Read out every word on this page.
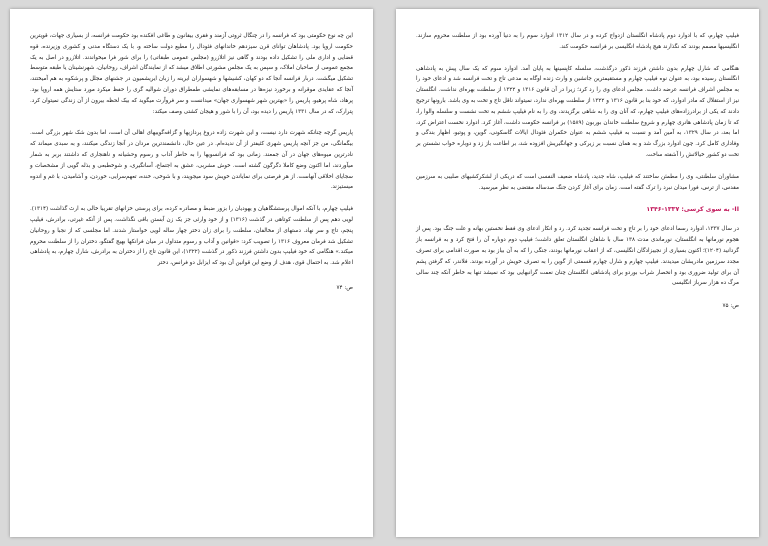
این چه نوع حکومتی بود که فرانسه را در چنگال ثروتی آزمند و فقری بیقانون و طاغی افکنده بود حکومت فرانسه، از بسیاری جهات، قویترین حکومت اروپا بود. پادشاهان توانای قرن سیزدهم خاندانهای فئودال را مطیع دولت ساخته و، با یک دستگاه مدنی و کشوری وزیرنده، قوه قضایی و اداری ملی را تشکیل داده بودند و گاهی نیز اتلازرو (مجلس عمومی طبقاتی) را برای شور فرا میخواندند. اتلازرو در اصل به یک مجمع عمومی از صاحبان املاک، و سپس به یک مجلس مشورتی اطلاق میشد که از نمایندگان اشراف، روحانیان، شهرنشینان یا طبقه متوسط تشکیل میگشت. دربار فرانسه آنجا که دو کهان، کشیشها و شهسواران ایرینه را زبان ایریشمیون در جشنهای مجلل و پرشکوه به هم آمیختند، آنجا که عقایدی موقرانه و برخورد نیزه‌ها در مسابقه‌های نمایشی طمطراق دوران شوالیه گری را حفظ میکرد مورد ستایش همه اروپا بود. پرهاد، شاه پرهیو، پاریس را «بهترین شهر شهسواری جهان» میدانست و سر فروآرت میگوید که بیک لحظه بیرون از آن زندگی نمیتوان کرد. پترارک، که در سال ۱۳۳۱ پاریس را دیده بود، آن را با شور و هیجان کشتی وصف میکند:

پاریس گرچه چنانکه شهرت دارد نیست، و این شهرت زاده دروغ پردازیها و گزافه‌گوییهای اهالی آن است، اما بدون شک شهر بزرگی است. بیگمانگی، من جز آنچه پاریس شهری کثیفتر از آن ندیده‌ام. در عین حال، دانشمندترین مردان در آنجا زندگی میکنند، و به سبدی میماند که نادرترین میوه‌های جهان در آن جمعند. زمانی بود که فرانسویها را به خاطر آداب و رسوم وحشیانه و ناهنجاری که داشتند بربر به شمار میآوردند، اما اکنون وضع کاملا دگرگون گشته است. خوش مشربی، عشق به اجتماع، آسانگیری، و شوخطبعی و بذله گویی از مشخصات و سجایای اخلاقی آنهاست. از هر فرصتی برای نمایاندن خویش سود میجویند، و با شوخی، خنده، تعهم‌سرایی، خوردن، و آشامیدن، با غم و اندوه میستیزند.

فیلیپ چهارم، با آنکه اموال پرستشگاهیان و یهودیان را بزور ضبط و مصادره کرده، برای پرستی خزانهای تقریبا خالی به ارث گذاشت (۱۳۱۴). لویی دهم پس از سلطنت کوتاهی در گذشت (۱۳۱۶) و از خود وارثی جز یک زن آبستن باقی نگذاشت. پس از آنکه غیرتی، برادرش، فیلیپ پنجم، تاج و سر نهاد. دستهای از مخالفان، سلطنت را برای زان دختر چهار ساله لویی خواستار شدند. اما مجلسی که از نجبا و روحانیان تشکیل شد فرمان معروف ۱۳۱۶ را تصویب کرد: «قوانین و آداب و رسوم متداول در میان فرانکها بهیچ گفتگو، دختران را از سلطنت محروم میکند.» هنگامی که خود فیلیپ بدون داشتن فرزند ذکور در گذشت (۱۳۲۲)، این قانون تاج را از دختران به برادرش، شارل چهارم، به پادشاهی اعلام شد. به احتمال قوی، هدف از وضع این قوانین آن بود که ایزابل دو فرانس، دختر

ص: ۷۴

فیلیپ چهارم، که با ادوارد دوم پادشاه انگلستان ازدواج کرده و در سال ۱۳۱۲ ادوارد سوم را به دنیا آورده بود از سلطنت محروم سازند. انگلیسیها مصمم بودند که نگذارند هیچ پادشاه انگلیسی بر فرانسه حکومت کند.

هنگامی که شارل چهارم بدون داشتن فرزند ذکور درگذشت، سلسله کاپسینها به پایان آمد. ادوارد سوم که یک سال پیش به پادشاهی انگلستان رسیده بود، به عنوان نوه فیلیپ چهارم و مستقیمترین جانشین و وارث زنده اوگاه به مدعی تاج و تخت فرانسه شد و ادعای خود را به مجلس اشراف فرانسه عرضه داشت. مجلس ادعای وی را رد کرد؛ زیرا در آن قانون ۱۳۱۶ و ۱۳۲۲ از سلطنت بهره‌ای نداشت. انگلستان نیز از استقلال که مادر ادوارد، که خود بنا بر قانون ۱۳۱۶ و ۱۳۲۲ از سلطنت بهره‌ای ندارد، نمیتواند ناقل تاج و تخت به وی باشد. بارونها ترجیح دادند که یکی از برادرزاده‌های فیلیپ چهارم، که آنان وی را به شاهی برگزیدند، وی را به نام فیلیپ ششم به تخت نشست و سلسله والوا را، که تا زمان پادشاهی هانری چهارم و شروع سلطنت خاندان بوربون (۱۵۸۹) بر فرانسه حکومت داشت، آغاز کرد. ادوارد نخست اعتراض کرد، اما بعد، در سال ۱۳۲۹، به آمین آمد و نسبت به فیلیپ ششم به عنوان حکمران فئودال ایالات گاسکونی، گوین، و پوتیو، اظهار بندگی و وفاداری کامل کرد. چون ادوارد بزرگ شد و به همان نسبت بر زیرکی و جهانگیریش افزوده شد، بر اطاعت باز زد و دوباره خواب نشستن بر تخت دو کشور خیالاتش را آشفته ساخت.

مشاوران سلطنتی، وی را مطمئن ساختند که فیلیپ، شاه جدید، پادشاه ضعیف النفسی است که دریکی از لشکرکشیهای صلیبی به سرزمین مقدس، از ترس، فورا میدان نبرد را ترک گفته است. زمان برای آغاز کردن جنگ صدساله مقتضی به نظر میرسید.

II- به سوی کرسی: ۱۳۳۷-۱۳۴۶

در سال ۱۳۳۷، ادوارد رسما ادعای خود را بر تاج و تخت فرانسه تجدید کرد. رد و انکار ادعای وی فقط نخستین بهانه و علت جنگ بود. پس از هجوم نورمانها به انگلستان، نورماندی مدت ۱۳۸ سال با شاهان انگلستان تعلق داشت؛ فیلیپ دوم دوباره آن را فتح کرد و به فرانسه باز گردانید (۱۲۰۴)؛ اکنون بسیاری از نجیبزادگان انگلیسی، که از اعقاب نورمانها بودند، جنگی را که به آن بیاز بود به صورت اقدامی برای تصرف مجدد سرزمین مادریشان میدیدند. فیلیپ چهارم و شارل چهارم قسمتی از گوین را به تصرف خویش در آورده بودند. فلاندر، که گرفتن پشم آن برای تولید ضروری بود و انحصار شراب بوردو برای پادشاهی انگلستان چنان نعمت گرانبهایی بود که نمیشد تنها به خاطر آنکه چند سالی مرگ ده هزار سرباز انگلیسی

ص: ۷۵
